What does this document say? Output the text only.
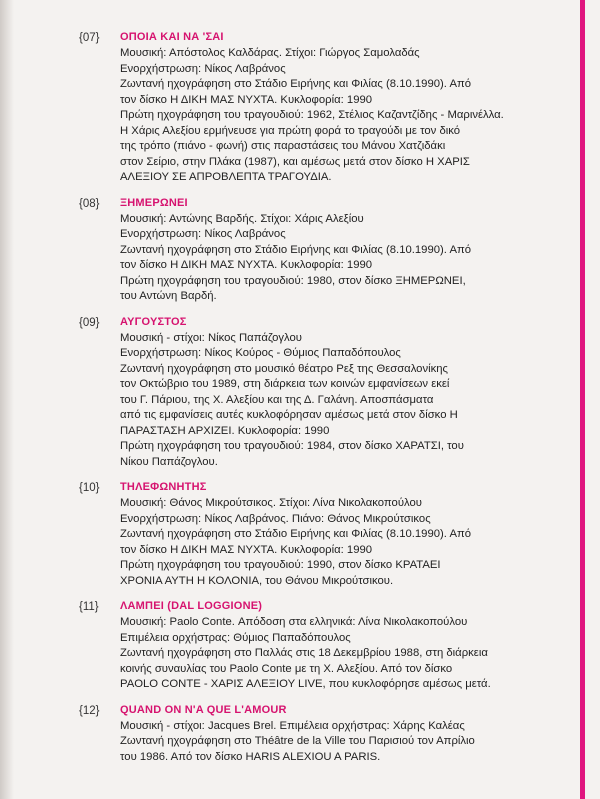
{07} ΟΠΟΙΑ ΚΑΙ ΝΑ 'ΣΑΙ
Μουσική: Απόστολος Καλδάρας. Στίχοι: Γιώργος Σαμολαδάς
Ενορχήστρωση: Νίκος Λαβράνος
Ζωντανή ηχογράφηση στο Στάδιο Ειρήνης και Φιλίας (8.10.1990). Από
τον δίσκο Η ΔΙΚΗ ΜΑΣ ΝΥΧΤΑ. Κυκλοφορία: 1990
Πρώτη ηχογράφηση του τραγουδιού: 1962, Στέλιος Καζαντζίδης - Μαρινέλλα.
Η Χάρις Αλεξίου ερμήνευσε για πρώτη φορά το τραγούδι με τον δικό
της τρόπο (πιάνο - φωνή) στις παραστάσεις του Μάνου Χατζιδάκι
στον Σείριο, στην Πλάκα (1987), και αμέσως μετά στον δίσκο Η ΧΑΡΙΣ
ΑΛΕΞΙΟΥ ΣΕ ΑΠΡΟΒΛΕΠΤΑ ΤΡΑΓΟΥΔΙΑ.
{08} ΞΗΜΕΡΩΝΕΙ
Μουσική: Αντώνης Βαρδής. Στίχοι: Χάρις Αλεξίου
Ενορχήστρωση: Νίκος Λαβράνος
Ζωντανή ηχογράφηση στο Στάδιο Ειρήνης και Φιλίας (8.10.1990). Από
τον δίσκο Η ΔΙΚΗ ΜΑΣ ΝΥΧΤΑ. Κυκλοφορία: 1990
Πρώτη ηχογράφηση του τραγουδιού: 1980, στον δίσκο ΞΗΜΕΡΩΝΕΙ,
του Αντώνη Βαρδή.
{09} ΑΥΓΟΥΣΤΟΣ
Μουσική - στίχοι: Νίκος Παπάζογλου
Ενορχήστρωση: Νίκος Κούρος - Θύμιος Παπαδόπουλος
Ζωντανή ηχογράφηση στο μουσικό θέατρο Ρεξ της Θεσσαλονίκης
τον Οκτώβριο του 1989, στη διάρκεια των κοινών εμφανίσεων εκεί
του Γ. Πάριου, της Χ. Αλεξίου και της Δ. Γαλάνη. Αποσπάσματα
από τις εμφανίσεις αυτές κυκλοφόρησαν αμέσως μετά στον δίσκο Η
ΠΑΡΑΣΤΑΣΗ ΑΡΧΙΖΕΙ. Κυκλοφορία: 1990
Πρώτη ηχογράφηση του τραγουδιού: 1984, στον δίσκο ΧΑΡΑΤΣΙ, του
Νίκου Παπάζογλου.
{10} ΤΗΛΕΦΩΝΗΤΗΣ
Μουσική: Θάνος Μικρούτσικος. Στίχοι: Λίνα Νικολακοπούλου
Ενορχήστρωση: Νίκος Λαβράνος. Πιάνο: Θάνος Μικρούτσικος
Ζωντανή ηχογράφηση στο Στάδιο Ειρήνης και Φιλίας (8.10.1990). Από
τον δίσκο Η ΔΙΚΗ ΜΑΣ ΝΥΧΤΑ. Κυκλοφορία: 1990
Πρώτη ηχογράφηση του τραγουδιού: 1990, στον δίσκο ΚΡΑΤΑΕΙ
ΧΡΟΝΙΑ ΑΥΤΗ Η ΚΟΛΟΝΙΑ, του Θάνου Μικρούτσικου.
{11} ΛΑΜΠΕΙ (DAL LOGGIONE)
Μουσική: Paolo Conte. Απόδοση στα ελληνικά: Λίνα Νικολακοπούλου
Επιμέλεια ορχήστρας: Θύμιος Παπαδόπουλος
Ζωντανή ηχογράφηση στο Παλλάς στις 18 Δεκεμβρίου 1988, στη διάρκεια
κοινής συναυλίας του Paolo Conte με τη Χ. Αλεξίου. Από τον δίσκο
PAOLO CONTE - ΧΑΡΙΣ ΑΛΕΞΙΟΥ LIVE, που κυκλοφόρησε αμέσως μετά.
{12} QUAND ON N'A QUE L'AMOUR
Μουσική - στίχοι: Jacques Brel. Επιμέλεια ορχήστρας: Χάρης Καλέας
Ζωντανή ηχογράφηση στο Théâtre de la Ville του Παρισιού τον Απρίλιο
του 1986. Από τον δίσκο HARIS ALEXIOU A PARIS.
